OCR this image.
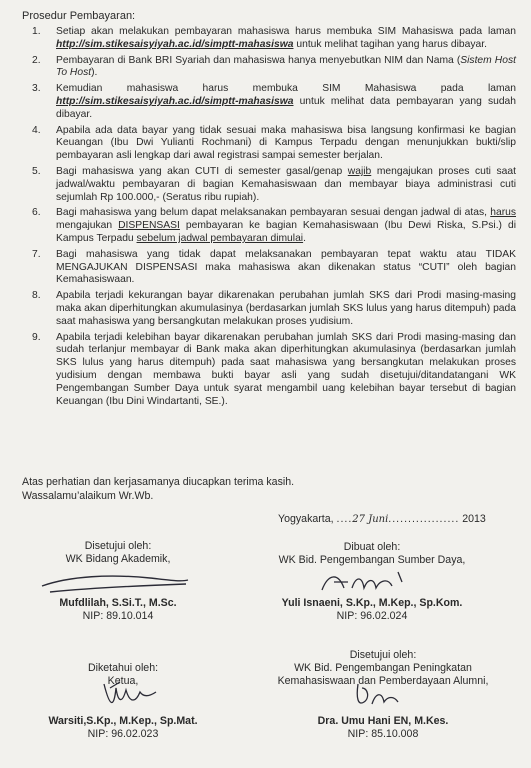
Prosedur Pembayaran:
1. Setiap akan melakukan pembayaran mahasiswa harus membuka SIM Mahasiswa pada laman http://sim.stikesaisyiyah.ac.id/simptt-mahasiswa untuk melihat tagihan yang harus dibayar.
2. Pembayaran di Bank BRI Syariah dan mahasiswa hanya menyebutkan NIM dan Nama (Sistem Host To Host).
3. Kemudian mahasiswa harus membuka SIM Mahasiswa pada laman http://sim.stikesaisyiyah.ac.id/simptt-mahasiswa untuk melihat data pembayaran yang sudah dibayar.
4. Apabila ada data bayar yang tidak sesuai maka mahasiswa bisa langsung konfirmasi ke bagian Keuangan (Ibu Dwi Yulianti Rochmani) di Kampus Terpadu dengan menunjukkan bukti/slip pembayaran asli lengkap dari awal registrasi sampai semester berjalan.
5. Bagi mahasiswa yang akan CUTI di semester gasal/genap wajib mengajukan proses cuti saat jadwal/waktu pembayaran di bagian Kemahasiswaan dan membayar biaya administrasi cuti sejumlah Rp 100.000,- (Seratus ribu rupiah).
6. Bagi mahasiswa yang belum dapat melaksanakan pembayaran sesuai dengan jadwal di atas, harus mengajukan DISPENSASI pembayaran ke bagian Kemahasiswaan (Ibu Dewi Riska, S.Psi.) di Kampus Terpadu sebelum jadwal pembayaran dimulai.
7. Bagi mahasiswa yang tidak dapat melaksanakan pembayaran tepat waktu atau TIDAK MENGAJUKAN DISPENSASI maka mahasiswa akan dikenakan status “CUTI” oleh bagian Kemahasiswaan.
8. Apabila terjadi kekurangan bayar dikarenakan perubahan jumlah SKS dari Prodi masing-masing maka akan diperhitungkan akumulasinya (berdasarkan jumlah SKS lulus yang harus ditempuh) pada saat mahasiswa yang bersangkutan melakukan proses yudisium.
9. Apabila terjadi kelebihan bayar dikarenakan perubahan jumlah SKS dari Prodi masing-masing dan sudah terlanjur membayar di Bank maka akan diperhitungkan akumulasinya (berdasarkan jumlah SKS lulus yang harus ditempuh) pada saat mahasiswa yang bersangkutan melakukan proses yudisium dengan membawa bukti bayar asli yang sudah disetujui/ditandatangani WK Pengembangan Sumber Daya untuk syarat mengambil uang kelebihan bayar tersebut di bagian Keuangan (Ibu Dini Windartanti, SE.).
Atas perhatian dan kerjasamanya diucapkan terima kasih.
Wassalamu’alaikum Wr.Wb.
Yogyakarta, ....27 Juni.................. 2013
Disetujui oleh:
WK Bidang Akademik,
Mufdlilah, S.Si.T., M.Sc.
NIP: 89.10.014
Dibuat oleh:
WK Bid. Pengembangan Sumber Daya,
Yuli Isnaeni, S.Kp., M.Kep., Sp.Kom.
NIP: 96.02.024
Diketahui oleh:
Ketua,
Warsiti,S.Kp., M.Kep., Sp.Mat.
NIP: 96.02.023
Disetujui oleh:
WK Bid. Pengembangan Peningkatan
Kemahasiswaan dan Pemberdayaan Alumni,
Dra. Umu Hani EN, M.Kes.
NIP: 85.10.008
